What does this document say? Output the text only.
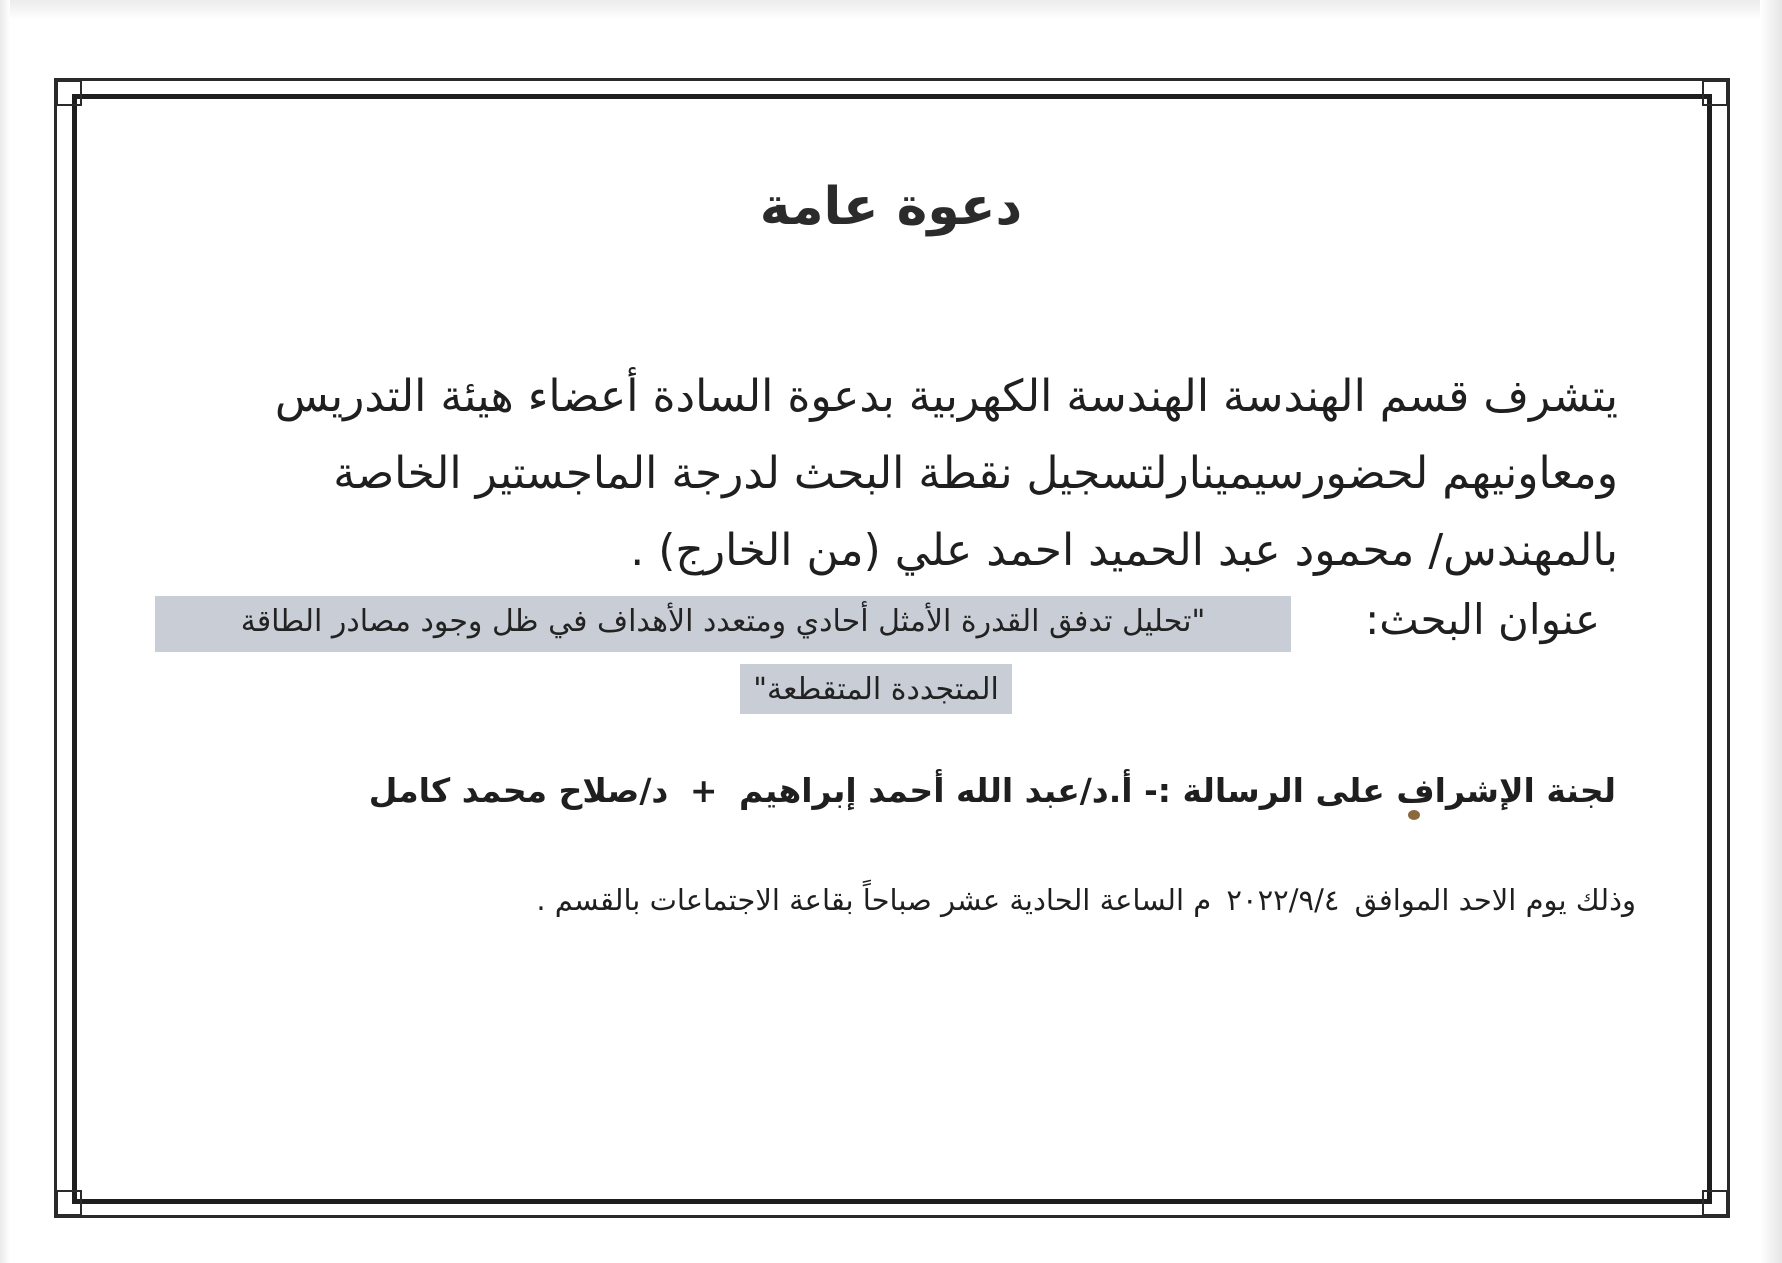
دعوة عامة

يتشرف قسم الهندسة الهندسة الكهربية بدعوة السادة أعضاء هيئة التدريس
ومعاونيهم لحضورسيمينارلتسجيل نقطة البحث لدرجة الماجستير الخاصة
بالمهندس/ محمود عبد الحميد احمد علي (من الخارج) .

عنوان البحث:
"تحليل تدفق القدرة الأمثل أحادي ومتعدد الأهداف في ظل وجود مصادر الطاقة
المتجددة المتقطعة"
لجنة الإشراف على الرسالة :- أ.د/عبد الله أحمد إبراهيم + د/صلاح محمد كامل
وذلك يوم الاحد الموافق ٢٠٢٢/٩/٤ م الساعة الحادية عشر صباحاً بقاعة الاجتماعات بالقسم .
